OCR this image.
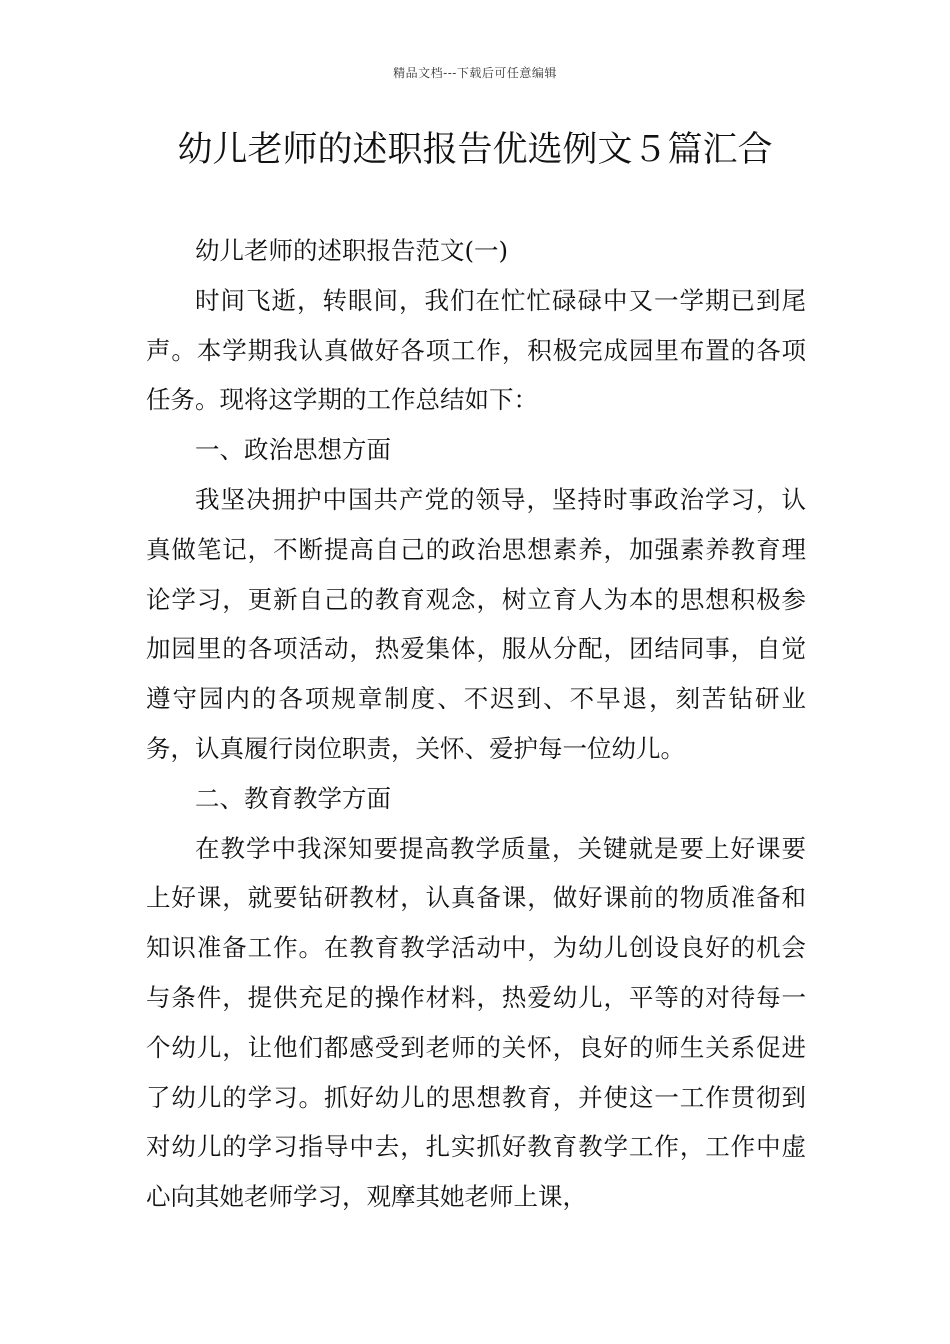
精品文档---下载后可任意编辑
幼儿老师的述职报告优选例文５篇汇合

幼儿老师的述职报告范文(一)

时间飞逝，转眼间，我们在忙忙碌碌中又一学期已到尾声。本学期我认真做好各项工作，积极完成园里布置的各项任务。现将这学期的工作总结如下：

一、政治思想方面

我坚决拥护中国共产党的领导，坚持时事政治学习，认真做笔记，不断提高自己的政治思想素养，加强素养教育理论学习，更新自己的教育观念，树立育人为本的思想积极参加园里的各项活动，热爱集体，服从分配，团结同事，自觉遵守园内的各项规章制度、不迟到、不早退，刻苦钻研业务，认真履行岗位职责，关怀、爱护每一位幼儿。

二、教育教学方面

在教学中我深知要提高教学质量，关键就是要上好课要上好课，就要钻研教材，认真备课，做好课前的物质准备和知识准备工作。在教育教学活动中，为幼儿创设良好的机会与条件，提供充足的操作材料，热爱幼儿，平等的对待每一个幼儿，让他们都感受到老师的关怀，良好的师生关系促进了幼儿的学习。抓好幼儿的思想教育，并使这一工作贯彻到对幼儿的学习指导中去，扎实抓好教育教学工作，工作中虚心向其她老师学习，观摩其她老师上课，
